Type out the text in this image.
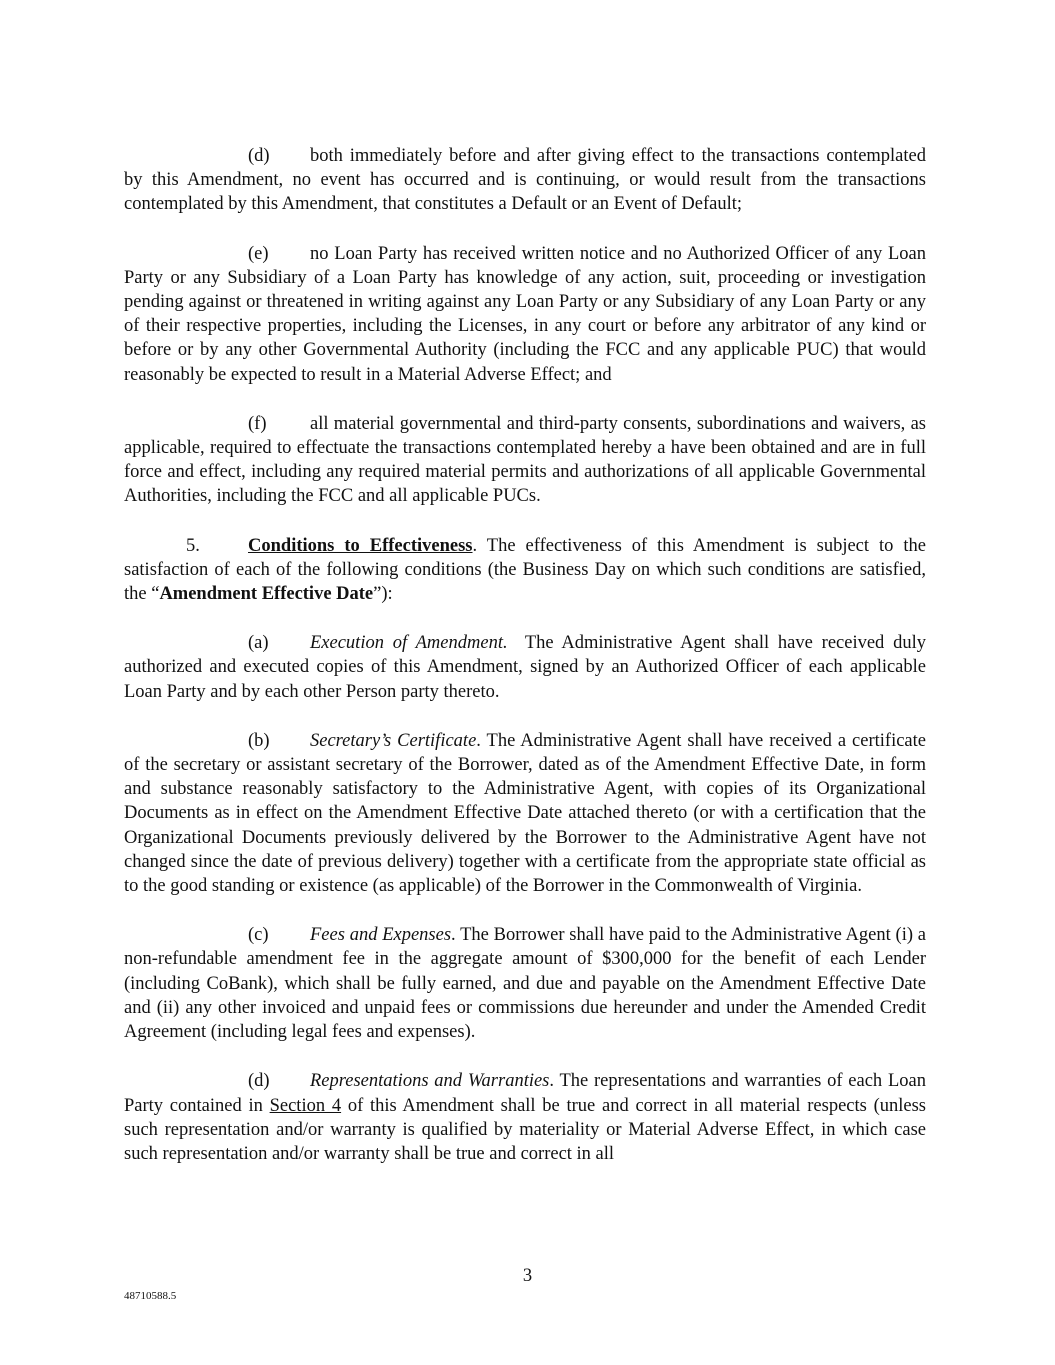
(d) both immediately before and after giving effect to the transactions contemplated by this Amendment, no event has occurred and is continuing, or would result from the transactions contemplated by this Amendment, that constitutes a Default or an Event of Default;

(e) no Loan Party has received written notice and no Authorized Officer of any Loan Party or any Subsidiary of a Loan Party has knowledge of any action, suit, proceeding or investigation pending against or threatened in writing against any Loan Party or any Subsidiary of any Loan Party or any of their respective properties, including the Licenses, in any court or before any arbitrator of any kind or before or by any other Governmental Authority (including the FCC and any applicable PUC) that would reasonably be expected to result in a Material Adverse Effect; and

(f) all material governmental and third-party consents, subordinations and waivers, as applicable, required to effectuate the transactions contemplated hereby a have been obtained and are in full force and effect, including any required material permits and authorizations of all applicable Governmental Authorities, including the FCC and all applicable PUCs.

5.	Conditions to Effectiveness. The effectiveness of this Amendment is subject to the satisfaction of each of the following conditions (the Business Day on which such conditions are satisfied, the “Amendment Effective Date”):

(a) Execution of Amendment.  The Administrative Agent shall have received duly authorized and executed copies of this Amendment, signed by an Authorized Officer of each applicable Loan Party and by each other Person party thereto.

(b) Secretary’s Certificate. The Administrative Agent shall have received a certificate of the secretary or assistant secretary of the Borrower, dated as of the Amendment Effective Date, in form and substance reasonably satisfactory to the Administrative Agent, with copies of its Organizational Documents as in effect on the Amendment Effective Date attached thereto (or with a certification that the Organizational Documents previously delivered by the Borrower to the Administrative Agent have not changed since the date of previous delivery) together with a certificate from the appropriate state official as to the good standing or existence (as applicable) of the Borrower in the Commonwealth of Virginia.

(c) Fees and Expenses. The Borrower shall have paid to the Administrative Agent (i) a non-refundable amendment fee in the aggregate amount of $300,000 for the benefit of each Lender (including CoBank), which shall be fully earned, and due and payable on the Amendment Effective Date and (ii) any other invoiced and unpaid fees or commissions due hereunder and under the Amended Credit Agreement (including legal fees and expenses).

(d) Representations and Warranties. The representations and warranties of each Loan Party contained in Section 4 of this Amendment shall be true and correct in all material respects (unless such representation and/or warranty is qualified by materiality or Material Adverse Effect, in which case such representation and/or warranty shall be true and correct in all

3
48710588.5
